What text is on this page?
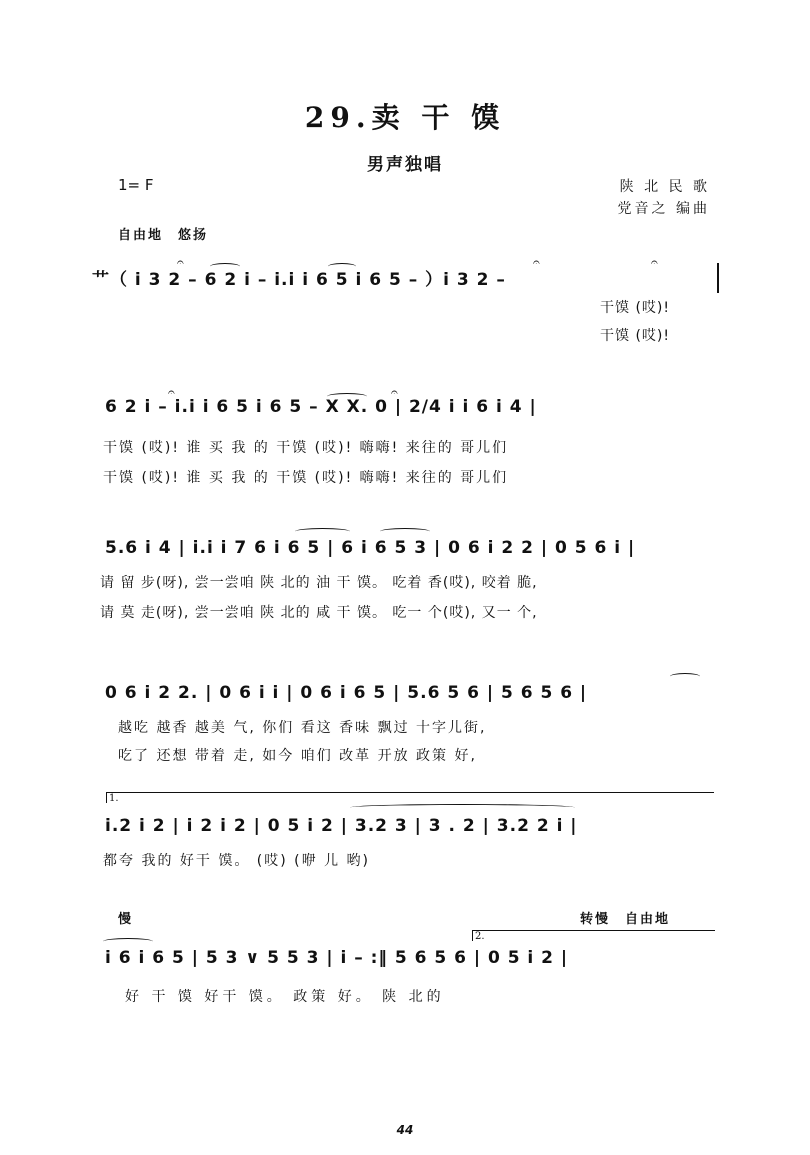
29.卖 干 馍
男声独唱
1= F	陕 北 民 歌
党音之 编曲
自由地　悠扬
𝄐	𝄐	𝄐
艹（ i 3 2 – 6 2 i – i.i i 6 5 i 6 5 – ）i 3 2 –
干馍 (哎)!
干馍 (哎)!
𝄐	𝄐
6 2 i – i.i i 6 5 i 6 5 – X X. 0 | 2/4 i i 6 i 4 |
干馍 (哎)! 谁 买 我 的 干馍 (哎)! 嗨嗨! 来往的 哥儿们
干馍 (哎)! 谁 买 我 的 干馍 (哎)! 嗨嗨! 来往的 哥儿们
5.6 i 4 | i.i i 7 6 i 6 5 | 6 i 6 5 3 | 0 6 i 2 2 | 0 5 6 i |
请 留 步(呀), 尝一尝咱 陕 北的 油 干 馍。 吃着 香(哎), 咬着 脆,
请 莫 走(呀), 尝一尝咱 陕 北的 咸 干 馍。 吃一 个(哎), 又一 个,
0 6 i 2 2. | 0 6 i i | 0 6 i 6 5 | 5.6 5 6 | 5 6 5 6 |
越吃 越香 越美 气, 你们 看这 香味 飘过 十字儿街,
吃了 还想 带着 走, 如今 咱们 改革 开放 政策 好,
1.
i.2 i 2 | i 2 i 2 | 0 5 i 2 | 3.2 3 | 3 . 2 | 3.2 2 i |
都夸 我的 好干 馍。 (哎) (咿 儿 哟)
慢	转慢　自由地
2.
i 6 i 6 5 | 5 3 ∨ 5 5 3 | i – :‖ 5 6 5 6 | 0 5 i 2 |
好 干 馍 好干 馍。 政策 好。 陕 北的
44
